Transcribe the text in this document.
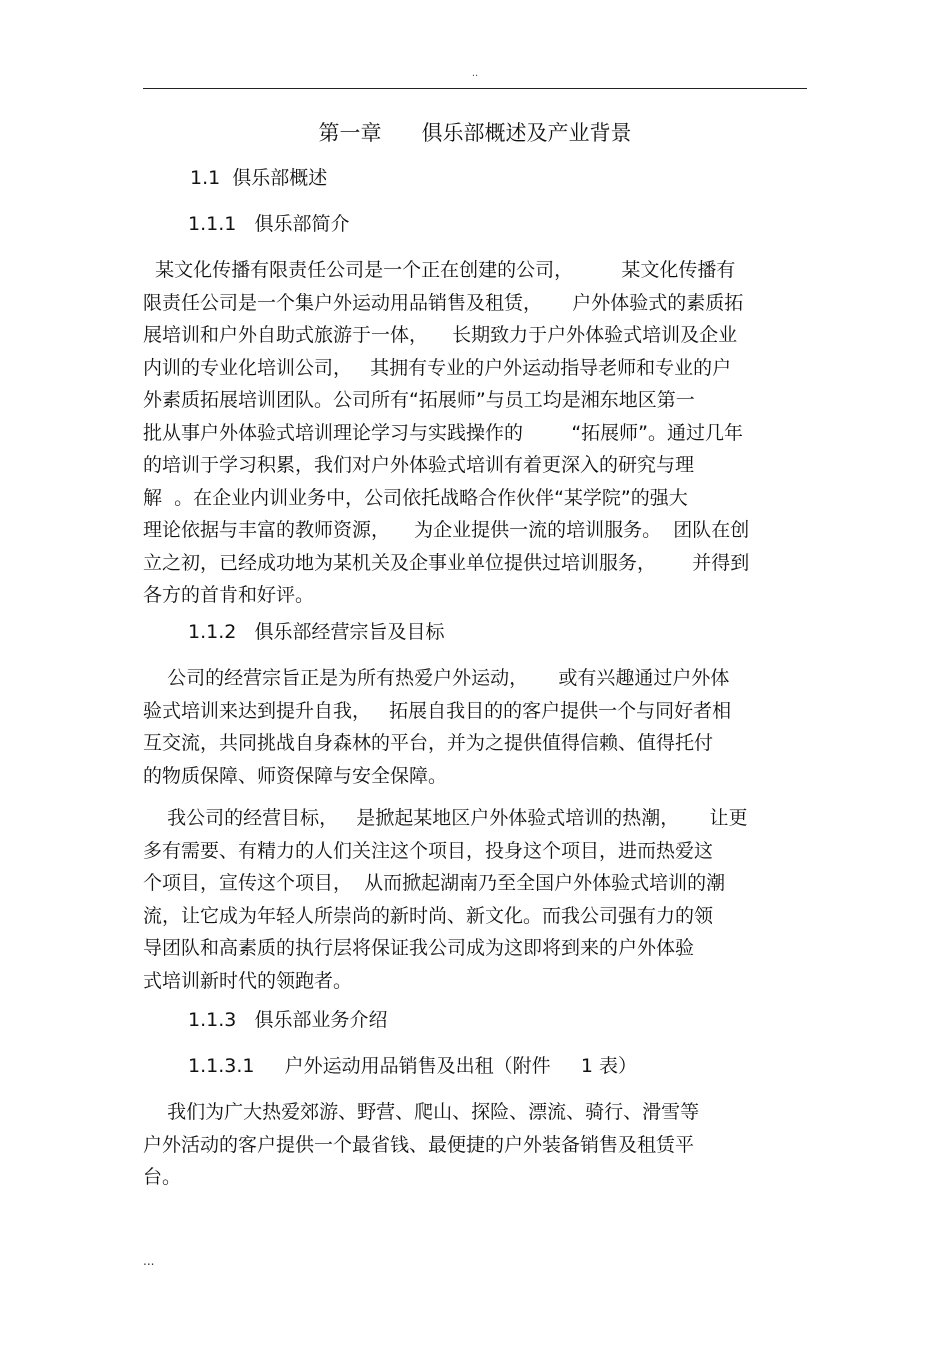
..
第一章      俱乐部概述及产业背景
1.1  俱乐部概述
1.1.1   俱乐部简介
某文化传播有限责任公司是一个正在创建的公司，        某文化传播有
限责任公司是一个集户外运动用品销售及租赁，     户外体验式的素质拓
展培训和户外自助式旅游于一体，    长期致力于户外体验式培训及企业
内训的专业化培训公司，   其拥有专业的户外运动指导老师和专业的户
外素质拓展培训团队。公司所有“拓展师”与员工均是湘东地区第一
批从事户外体验式培训理论学习与实践操作的        “拓展师”。通过几年
的培训于学习积累，我们对户外体验式培训有着更深入的研究与理
解  。在企业内训业务中，公司依托战略合作伙伴“某学院”的强大
理论依据与丰富的教师资源，    为企业提供一流的培训服务。  团队在创
立之初，已经成功地为某机关及企事业单位提供过培训服务，      并得到
各方的首肯和好评。
1.1.2   俱乐部经营宗旨及目标
公司的经营宗旨正是为所有热爱户外运动，     或有兴趣通过户外体
验式培训来达到提升自我，   拓展自我目的的客户提供一个与同好者相
互交流，共同挑战自身森林的平台，并为之提供值得信赖、值得托付
的物质保障、师资保障与安全保障。
我公司的经营目标，   是掀起某地区户外体验式培训的热潮，     让更
多有需要、有精力的人们关注这个项目，投身这个项目，进而热爱这
个项目，宣传这个项目，  从而掀起湖南乃至全国户外体验式培训的潮
流，让它成为年轻人所崇尚的新时尚、新文化。而我公司强有力的领
导团队和高素质的执行层将保证我公司成为这即将到来的户外体验
式培训新时代的领跑者。
1.1.3   俱乐部业务介绍
1.1.3.1     户外运动用品销售及出租（附件     1 表）
我们为广大热爱郊游、野营、爬山、探险、漂流、骑行、滑雪等
户外活动的客户提供一个最省钱、最便捷的户外装备销售及租赁平
台。
...
